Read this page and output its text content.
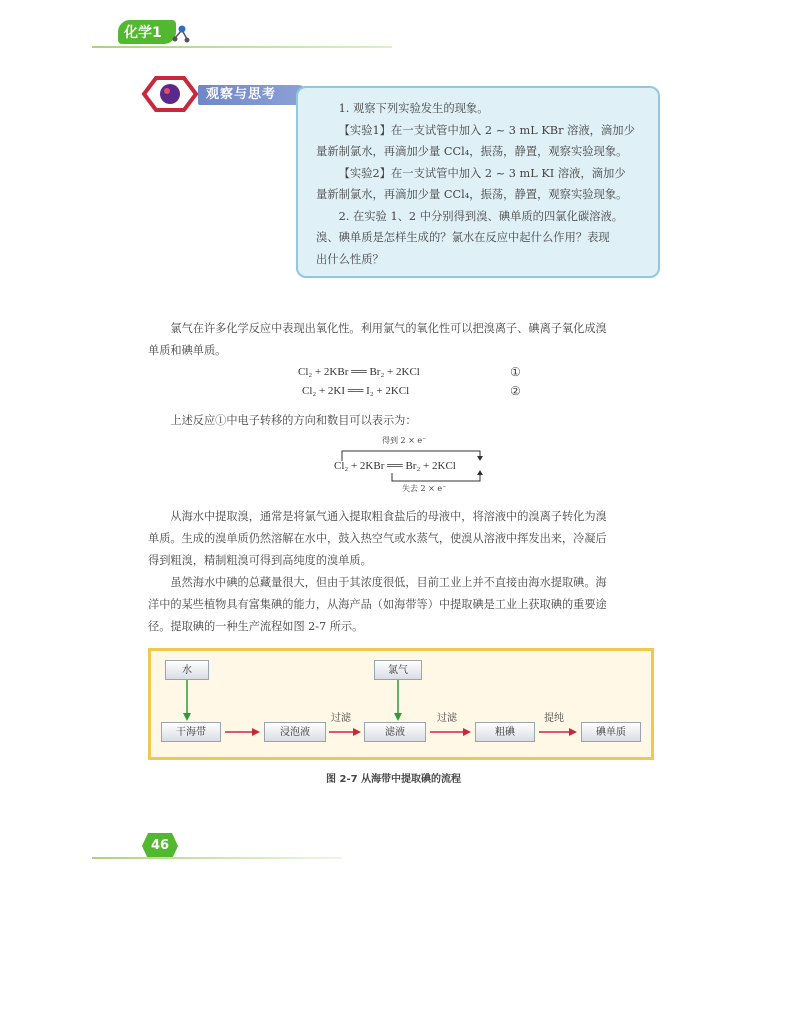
化学1
观察与思考

1. 观察下列实验发生的现象。

【实验1】在一支试管中加入 2 ~ 3 mL KBr 溶液，滴加少

量新制氯水，再滴加少量 CCl₄，振荡，静置，观察实验现象。

【实验2】在一支试管中加入 2 ~ 3 mL KI 溶液，滴加少

量新制氯水，再滴加少量 CCl₄，振荡，静置，观察实验现象。

2. 在实验 1、2 中分别得到溴、碘单质的四氯化碳溶液。

溴、碘单质是怎样生成的？氯水在反应中起什么作用？表现

出什么性质？

氯气在许多化学反应中表现出氧化性。利用氯气的氧化性可以把溴离子、碘离子氧化成溴

单质和碘单质。

Cl₂ + 2KBr ══ Br₂ + 2KCl	①
Cl₂ + 2KI ══ I₂ + 2KCl	②

上述反应①中电子转移的方向和数目可以表示为：

得到 2 × e⁻
Cl₂ + 2KBr ══ Br₂ + 2KCl
失去 2 × e⁻

从海水中提取溴，通常是将氯气通入提取粗食盐后的母液中，将溶液中的溴离子转化为溴

单质。生成的溴单质仍然溶解在水中，鼓入热空气或水蒸气，使溴从溶液中挥发出来，冷凝后

得到粗溴，精制粗溴可得到高纯度的溴单质。

虽然海水中碘的总藏量很大，但由于其浓度很低，目前工业上并不直接由海水提取碘。海

洋中的某些植物具有富集碘的能力，从海产品（如海带等）中提取碘是工业上获取碘的重要途

径。提取碘的一种生产流程如图 2-7 所示。

水	氯气
干海带	浸泡液	滤液	粗碘	碘单质
过滤	过滤	提纯
图 2-7 从海带中提取碘的流程
46
